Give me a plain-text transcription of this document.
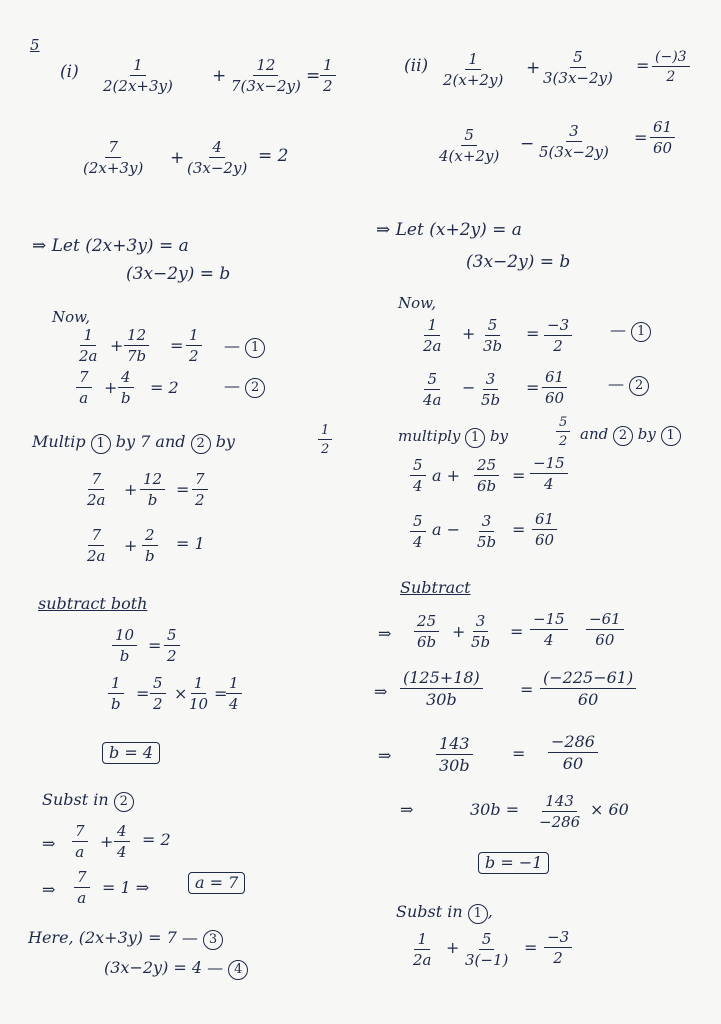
5
(i)	1
2(2x+3y) +
12
7(3x−2y) =
1
2
7
(2x+3y) +
4
(3x−2y)
= 2
⇒ Let (2x+3y) = a
(3x−2y) = b
Now,
1
2a
+
12
7b
=
1
2
— 1
7
a
+
4
b
= 2	— 2
Multip 1 by 7 and 2 by
1
2
7
2a
+
12
b
=
7
2
7
2a
+
2
b
= 1
subtract both
10
b
=
5
2
1
b
=
5
2
×
1
10
=
1
4
b = 4
Subst in 2
⇒
7
a
+
4
4
= 2
⇒
7
a
= 1 ⇒	a = 7
Here, (2x+3y) = 7 — 3
(3x−2y) = 4 — 4
(ii)	1
2(x+2y)
+
5
3(3x−2y)
= (−)3
2
5
4(x+2y)
−
3
5(3x−2y)
=
61
60
⇒ Let (x+2y) = a
(3x−2y) = b
Now,
1
2a
+ 5
3b
= −3
2
— 1
5
4a
− 3
5b
=
61
60
— 2
multiply 1 by
5
2 and 2 by 1
5
4
a +
25
6b
=
−15
4
5
4
a − 3
5b
=
61
60
Subtract
⇒
25
6b
+
3
5b
=
−15
4
−61
60
⇒
(125+18)
30b
=
(−225−61)
60
⇒
143
30b
=
−286
60
⇒	30b = 143
−286
× 60
b = −1
Subst in 1 ,
1
2a
+ 5
3(−1)
=
−3
2
